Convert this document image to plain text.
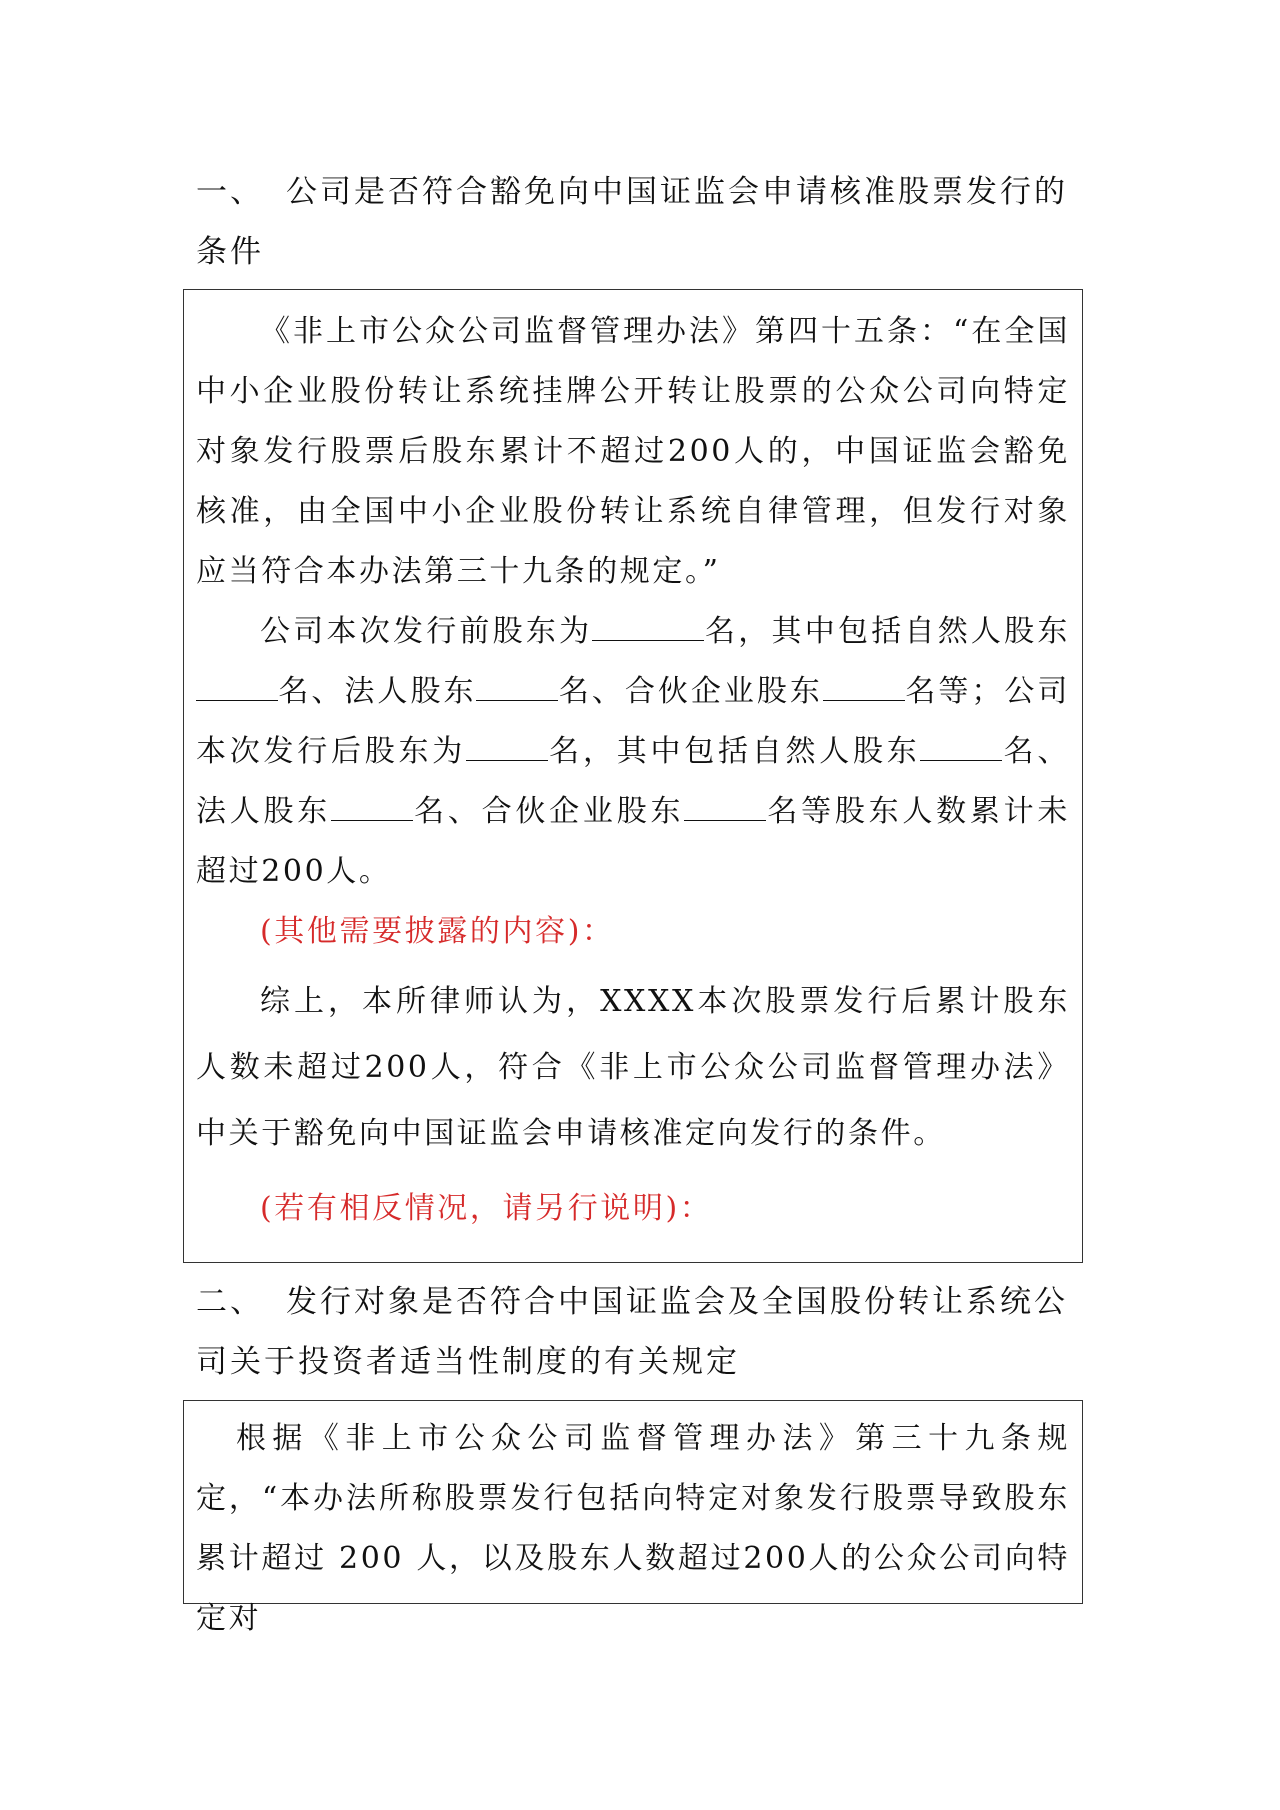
一、 公司是否符合豁免向中国证监会申请核准股票发行的条件

《非上市公众公司监督管理办法》第四十五条：“在全国中小企业股份转让系统挂牌公开转让股票的公众公司向特定对象发行股票后股东累计不超过200人的，中国证监会豁免核准，由全国中小企业股份转让系统自律管理，但发行对象应当符合本办法第三十九条的规定。”

公司本次发行前股东为	名，其中包括自然人股东名、法人股东	名、合伙企业股东	名等；公司本次发行后股东为	名，其中包括自然人股东	名、法人股东	名、合伙企业股东	名等股东人数累计未超过200人。

(其他需要披露的内容)：

综上，本所律师认为，XXXX本次股票发行后累计股东人数未超过200人，符合《非上市公众公司监督管理办法》中关于豁免向中国证监会申请核准定向发行的条件。

(若有相反情况，请另行说明)：

二、 发行对象是否符合中国证监会及全国股份转让系统公司关于投资者适当性制度的有关规定

根据《非上市公众公司监督管理办法》第三十九条规定，“本办法所称股票发行包括向特定对象发行股票导致股东累计超过 200 人，以及股东人数超过200人的公众公司向特定对
